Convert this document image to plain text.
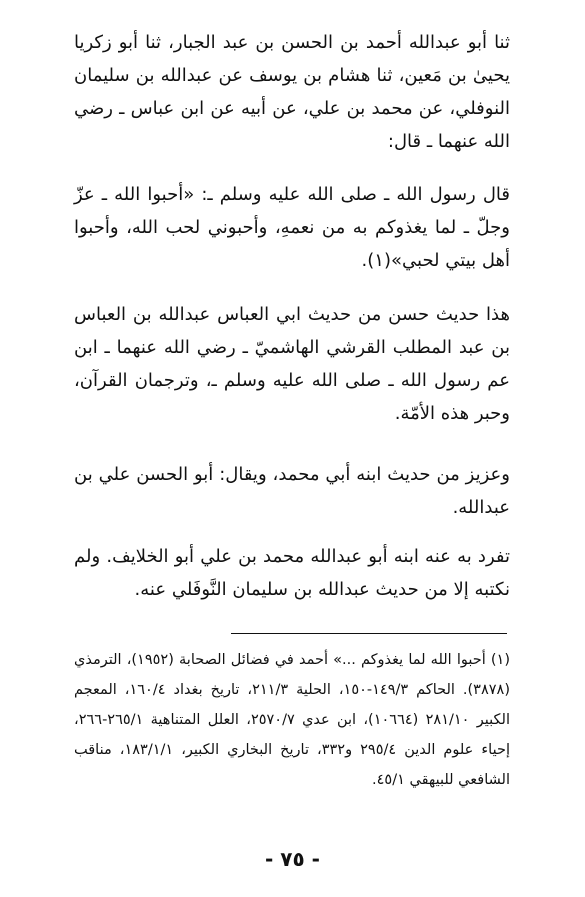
ثنا أبو عبدالله أحمد بن الحسن بن عبد الجبار، ثنا أبو زكريا يحيىٰ بن مَعين، ثنا هشام بن يوسف عن عبدالله بن سليمان النوفلي، عن محمد بن علي، عن أبيه عن ابن عباس ـ رضي الله عنهما ـ قال:

قال رسول الله ـ صلى الله عليه وسلم ـ: «أحبوا الله ـ عزّ وجلّ ـ لما يغذوكم به من نعمهِ، وأحبوني لحب الله، وأحبوا أهل بيتي لحبي»(١).

هذا حديث حسن من حديث ابي العباس عبدالله بن العباس بن عبد المطلب القرشي الهاشميّ ـ رضي الله عنهما ـ ابن عم رسول الله ـ صلى الله عليه وسلم ـ، وترجمان القرآن، وحبر هذه الأمّة.

وعزيز من حديث ابنه أبي محمد، ويقال: أبو الحسن علي بن عبدالله.

تفرد به عنه ابنه أبو عبدالله محمد بن علي أبو الخلايف. ولم نكتبه إلا من حديث عبدالله بن سليمان النَّوفَلي عنه.

(١) أحبوا الله لما يغذوكم ...» أحمد في فضائل الصحابة (١٩٥٢)، الترمذي (٣٨٧٨). الحاكم ١٤٩/٣-١٥٠، الحلية ٢١١/٣، تاريخ بغداد ١٦٠/٤، المعجم الكبير ٢٨١/١٠ (١٠٦٦٤)، ابن عدي ٢٥٧٠/٧، العلل المتناهية ٢٦٥/١-٢٦٦، إحياء علوم الدين ٢٩٥/٤ و٣٣٢، تاريخ البخاري الكبير، ١٨٣/١/١، مناقب الشافعي للبيهقي ٤٥/١.

- ٧٥ -
